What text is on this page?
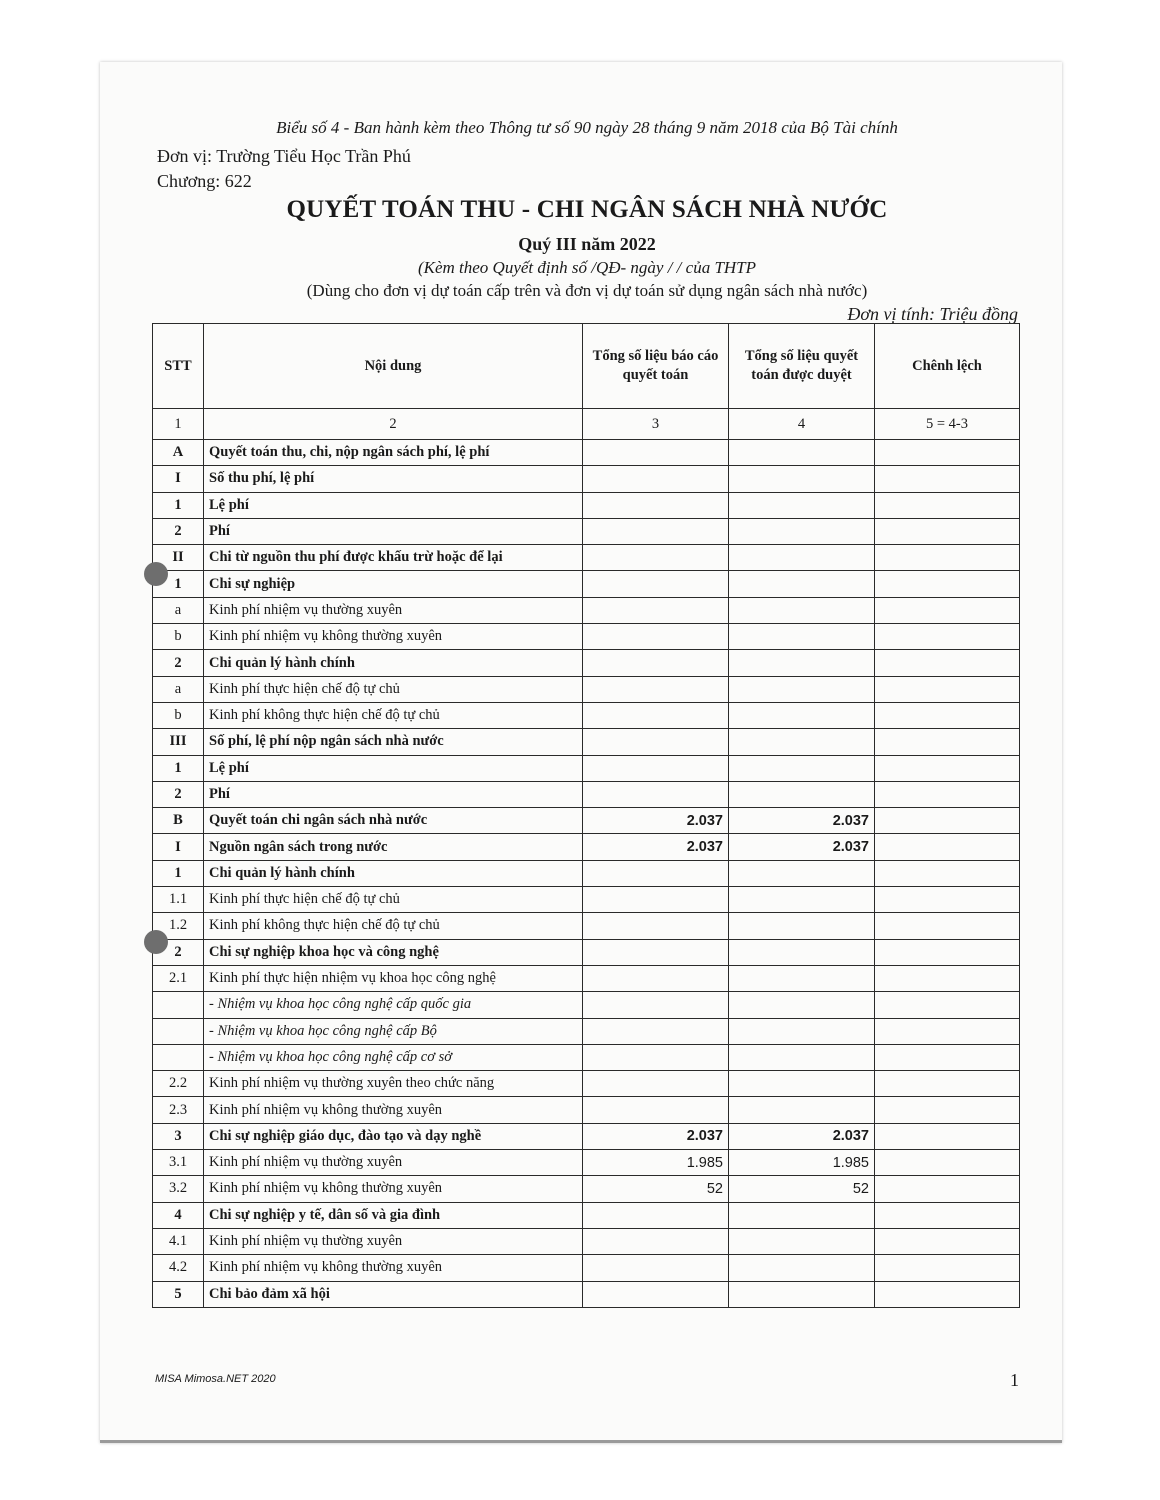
Biểu số 4 - Ban hành kèm theo Thông tư số 90 ngày 28 tháng 9 năm 2018 của Bộ Tài chính
Đơn vị: Trường Tiểu Học Trần Phú
Chương: 622
QUYẾT TOÁN THU - CHI NGÂN SÁCH NHÀ NƯỚC
Quý III năm 2022
(Kèm theo Quyết định số /QĐ- ngày / / của THTP
(Dùng cho đơn vị dự toán cấp trên và đơn vị dự toán sử dụng ngân sách nhà nước)
Đơn vị tính: Triệu đồng
STT	Nội dung	Tổng số liệu báo cáo quyết toán	Tổng số liệu quyết toán được duyệt	Chênh lệch
1	2	3	4	5 = 4-3
A	Quyết toán thu, chi, nộp ngân sách phí, lệ phí			
I	Số thu phí, lệ phí			
1	Lệ phí			
2	Phí			
II	Chi từ nguồn thu phí được khấu trừ hoặc để lại			
1	Chi sự nghiệp			
a	Kinh phí nhiệm vụ thường xuyên			
b	Kinh phí nhiệm vụ không thường xuyên			
2	Chi quản lý hành chính			
a	Kinh phí thực hiện chế độ tự chủ			
b	Kinh phí không thực hiện chế độ tự chủ			
III	Số phí, lệ phí nộp ngân sách nhà nước			
1	Lệ phí			
2	Phí			
B	Quyết toán chi ngân sách nhà nước	2.037	2.037	
I	Nguồn ngân sách trong nước	2.037	2.037	
1	Chi quản lý hành chính			
1.1	Kinh phí thực hiện chế độ tự chủ			
1.2	Kinh phí không thực hiện chế độ tự chủ			
2	Chi sự nghiệp khoa học và công nghệ			
2.1	Kinh phí thực hiện nhiệm vụ khoa học công nghệ			
	- Nhiệm vụ khoa học công nghệ cấp quốc gia			
	- Nhiệm vụ khoa học công nghệ cấp Bộ			
	- Nhiệm vụ khoa học công nghệ cấp cơ sở			
2.2	Kinh phí nhiệm vụ thường xuyên theo chức năng			
2.3	Kinh phí nhiệm vụ không thường xuyên			
3	Chi sự nghiệp giáo dục, đào tạo và dạy nghề	2.037	2.037	
3.1	Kinh phí nhiệm vụ thường xuyên	1.985	1.985	
3.2	Kinh phí nhiệm vụ không thường xuyên	52	52	
4	Chi sự nghiệp y tế, dân số và gia đình			
4.1	Kinh phí nhiệm vụ thường xuyên			
4.2	Kinh phí nhiệm vụ không thường xuyên			
5	Chi bảo đảm xã hội			
MISA Mimosa.NET 2020	1
